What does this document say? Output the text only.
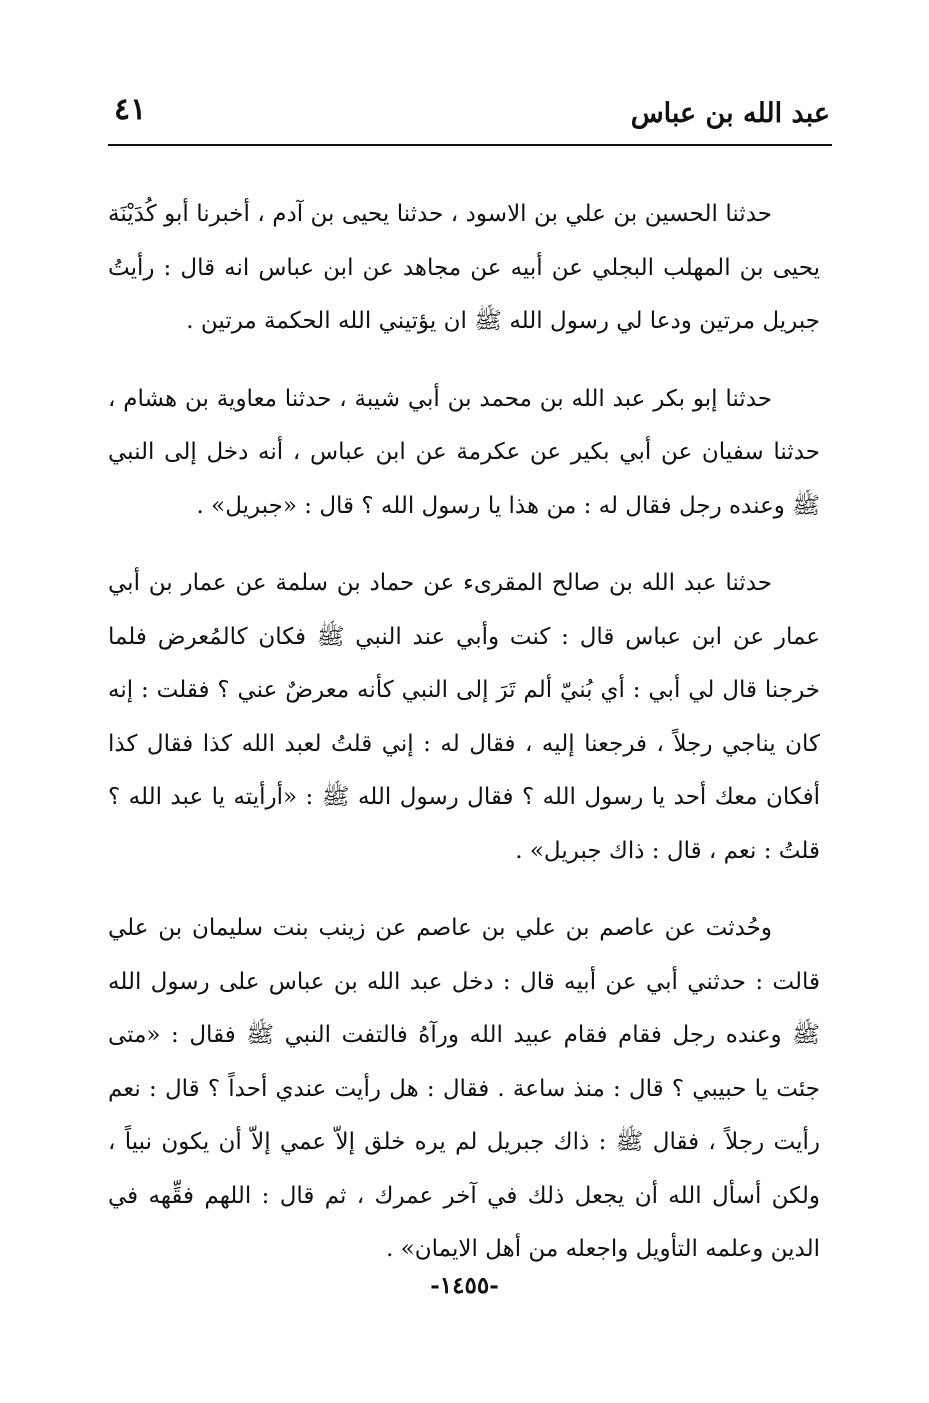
عبد الله بن عباس
٤١

حدثنا الحسين بن علي بن الاسود ، حدثنا يحيى بن آدم ، أخبرنا أبو كُدَيْنَة يحيى بن المهلب البجلي عن أبيه عن مجاهد عن ابن عباس انه قال : رأيتُ جبريل مرتين ودعا لي رسول الله ﷺ ان يؤتيني الله الحكمة مرتين .

حدثنا إبو بكر عبد الله بن محمد بن أبي شيبة ، حدثنا معاوية بن هشام ، حدثنا سفيان عن أبي بكير عن عكرمة عن ابن عباس ، أنه دخل إلى النبي ﷺ وعنده رجل فقال له : من هذا يا رسول الله ؟ قال : «جبريل» .

حدثنا عبد الله بن صالح المقرىء عن حماد بن سلمة عن عمار بن أبي عمار عن ابن عباس قال : كنت وأبي عند النبي ﷺ فكان كالمُعرض فلما خرجنا قال لي أبي : أي بُنيّ ألم تَرَ إلى النبي كأنه معرضٌ عني ؟ فقلت : إنه كان يناجي رجلاً ، فرجعنا إليه ، فقال له : إني قلتُ لعبد الله كذا فقال كذا أفكان معك أحد يا رسول الله ؟ فقال رسول الله ﷺ : «أرأيته يا عبد الله ؟ قلتُ : نعم ، قال : ذاك جبريل» .

وحُدثت عن عاصم بن علي بن عاصم عن زينب بنت سليمان بن علي قالت : حدثني أبي عن أبيه قال : دخل عبد الله بن عباس على رسول الله ﷺ وعنده رجل فقام فقام عبيد الله ورآهُ فالتفت النبي ﷺ فقال : «متى جئت يا حبيبي ؟ قال : منذ ساعة . فقال : هل رأيت عندي أحداً ؟ قال : نعم رأيت رجلاً ، فقال ﷺ : ذاك جبريل لم يره خلق إلاّ عمي إلاّ أن يكون نبياً ، ولكن أسأل الله أن يجعل ذلك في آخر عمرك ، ثم قال : اللهم فقِّهه في الدين وعلمه التأويل واجعله من أهل الايمان» .

-١٤٥٥-
